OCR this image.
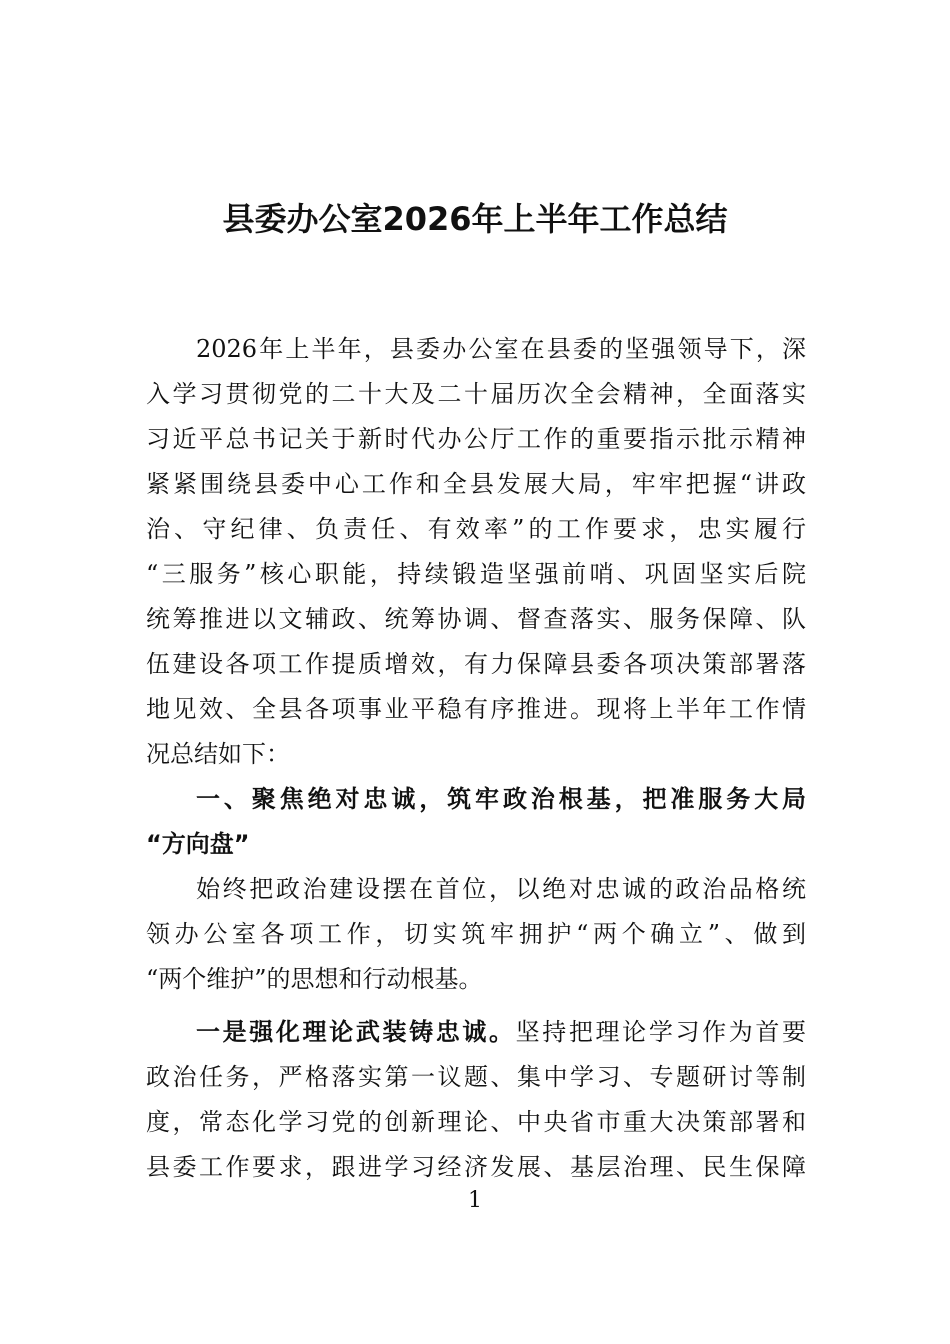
县委办公室2026年上半年工作总结
2026年上半年，县委办公室在县委的坚强领导下，深
入学习贯彻党的二十大及二十届历次全会精神，全面落实
习近平总书记关于新时代办公厅工作的重要指示批示精神
紧紧围绕县委中心工作和全县发展大局，牢牢把握“讲政
治、守纪律、负责任、有效率”的工作要求，忠实履行
“三服务”核心职能，持续锻造坚强前哨、巩固坚实后院
统筹推进以文辅政、统筹协调、督查落实、服务保障、队
伍建设各项工作提质增效，有力保障县委各项决策部署落
地见效、全县各项事业平稳有序推进。现将上半年工作情
况总结如下：
一、聚焦绝对忠诚，筑牢政治根基，把准服务大局
“方向盘”
始终把政治建设摆在首位，以绝对忠诚的政治品格统
领办公室各项工作，切实筑牢拥护“两个确立”、做到
“两个维护”的思想和行动根基。
一是强化理论武装铸忠诚。坚持把理论学习作为首要
政治任务，严格落实第一议题、集中学习、专题研讨等制
度，常态化学习党的创新理论、中央省市重大决策部署和
县委工作要求，跟进学习经济发展、基层治理、民生保障
1
